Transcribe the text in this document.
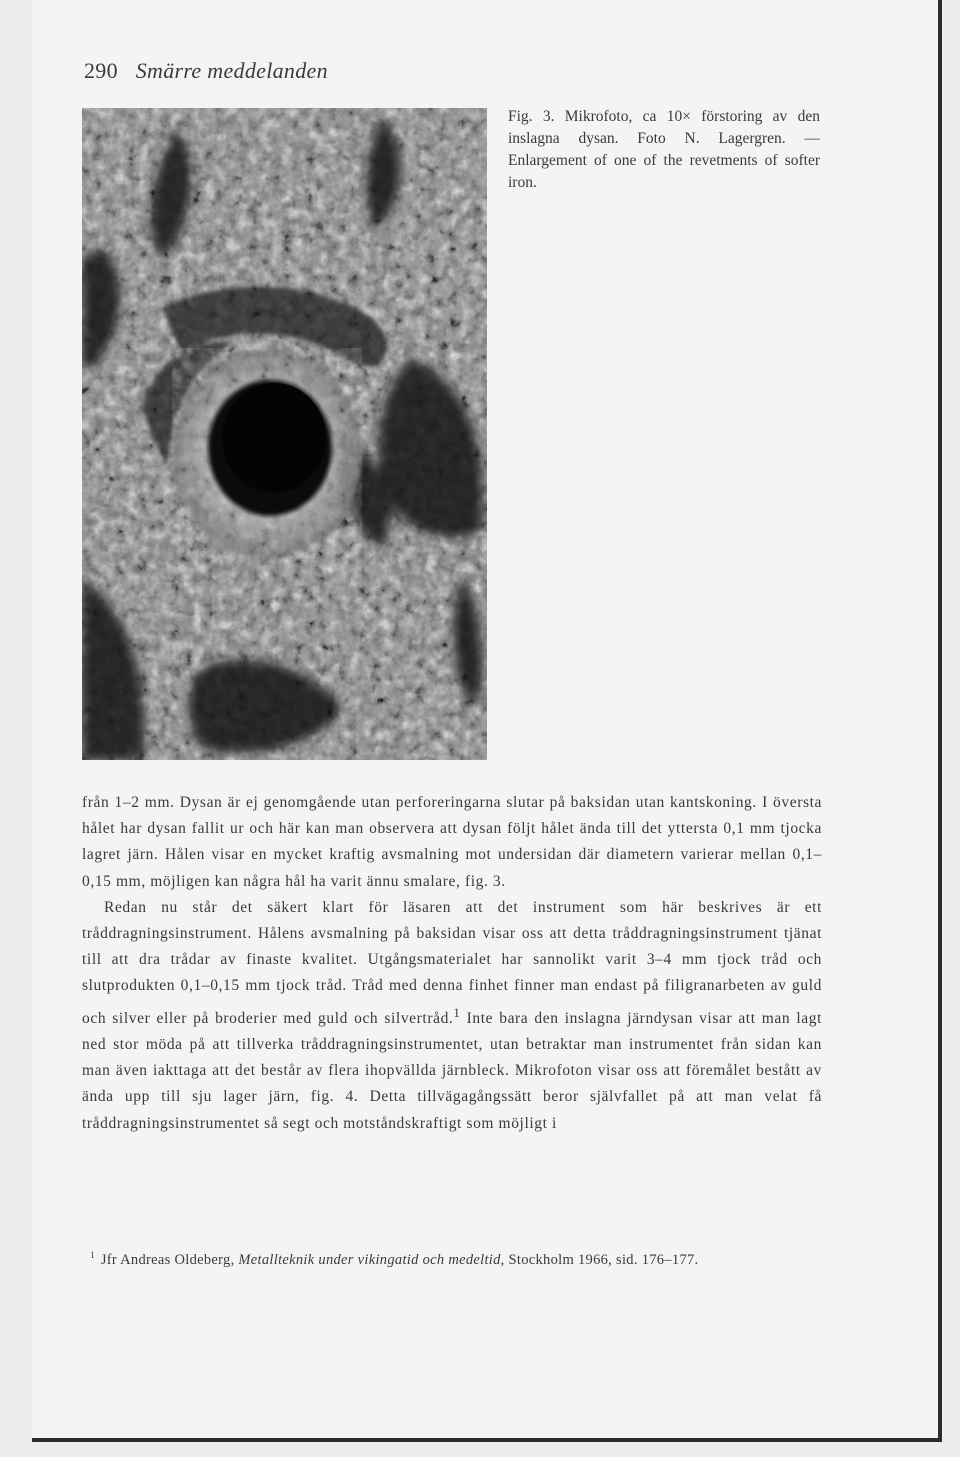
290 Smärre meddelanden

Fig. 3. Mikrofoto, ca 10× förstoring av den inslagna dysan. Foto N. Lagergren. — Enlargement of one of the revetments of softer iron.

från 1–2 mm. Dysan är ej genomgående utan perforeringarna slutar på baksidan utan kantskoning. I översta hålet har dysan fallit ur och här kan man observera att dysan följt hålet ända till det yttersta 0,1 mm tjocka lagret järn. Hålen visar en mycket kraftig avsmalning mot undersidan där diametern varierar mellan 0,1–0,15 mm, möjligen kan några hål ha varit ännu smalare, fig. 3.

Redan nu står det säkert klart för läsaren att det instrument som här beskrives är ett tråddragningsinstrument. Hålens avsmalning på baksidan visar oss att detta tråddragningsinstrument tjänat till att dra trådar av finaste kvalitet. Utgångsmaterialet har sannolikt varit 3–4 mm tjock tråd och slutprodukten 0,1–0,15 mm tjock tråd. Tråd med denna finhet finner man endast på filigranarbeten av guld och silver eller på broderier med guld och silvertråd.$^1$ Inte bara den inslagna järndysan visar att man lagt ned stor möda på att tillverka tråddragningsinstrumentet, utan betraktar man instrumentet från sidan kan man även iakttaga att det består av flera ihopvällda järnbleck. Mikrofoton visar oss att föremålet bestått av ända upp till sju lager järn, fig. 4. Detta tillvägagångssätt beror självfallet på att man velat få tråddragningsinstrumentet så segt och motståndskraftigt som möjligt i

$^1$ Jfr Andreas Oldeberg, Metallteknik under vikingatid och medeltid, Stockholm 1966, sid. 176–177.
